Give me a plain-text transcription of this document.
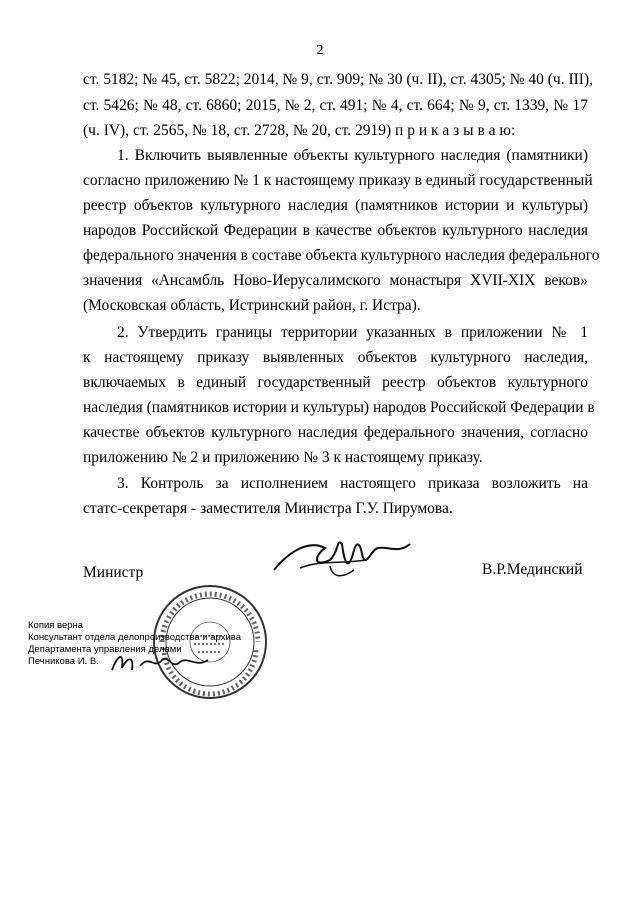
2
ст. 5182; № 45, ст. 5822; 2014, № 9, ст. 909; № 30 (ч. II), ст. 4305; № 40 (ч. III),
ст. 5426; № 48, ст. 6860; 2015, № 2, ст. 491; № 4, ст. 664; № 9, ст. 1339, № 17
(ч. IV), ст. 2565, № 18, ст. 2728, № 20, ст. 2919) п р и к а з ы в а ю:
1. Включить выявленные объекты культурного наследия (памятники)
согласно приложению № 1 к настоящему приказу в единый государственный
реестр объектов культурного наследия (памятников истории и культуры)
народов Российской Федерации в качестве объектов культурного наследия
федерального значения в составе объекта культурного наследия федерального
значения «Ансамбль Ново-Иерусалимского монастыря XVII-XIX веков»
(Московская область, Истринский район, г. Истра).
2. Утвердить границы территории указанных в приложении № 1
к настоящему приказу выявленных объектов культурного наследия,
включаемых в единый государственный реестр объектов культурного
наследия (памятников истории и культуры) народов Российской Федерации в
качестве объектов культурного наследия федерального значения, согласно
приложению № 2 и приложению № 3 к настоящему приказу.
3. Контроль за исполнением настоящего приказа возложить на
статс-секретаря - заместителя Министра Г.У. Пирумова.
Министр	В.Р.Мединский
Копия верна
Консультант отдела делопроизводства и архива
Департамента управления делами
Печникова И. В.
